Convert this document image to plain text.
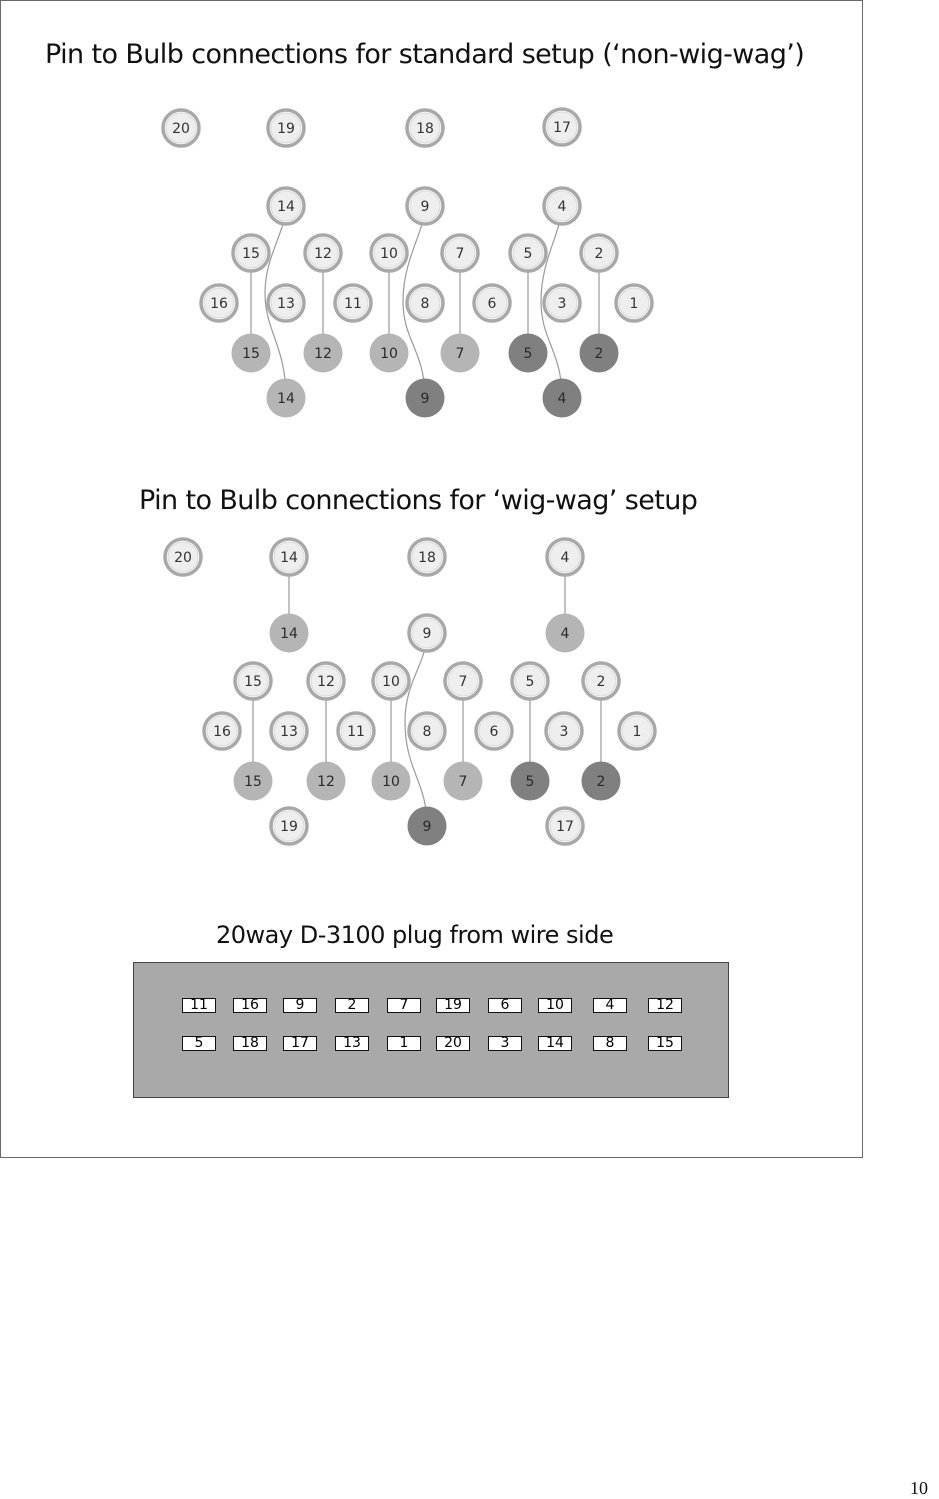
Pin to Bulb connections for standard setup (‘non-wig-wag’)
20	19	18	17
14	9	4
15	12	10	7	5	2
16	13	11	8	6	3	1
15	12	10	7	5	2
14	9	4
Pin to Bulb connections for ‘wig-wag’ setup
20	14	18	4
14	4
9
15	12	10	7	5	2
16	13	11	8	6	3	1
15	12	10	7	5	2
19	9	17
20way D-3100 plug from wire side
11	16	9	2	7	19	6	10	4	12
5	18	17	13	1	20	3	14	8	15
10
